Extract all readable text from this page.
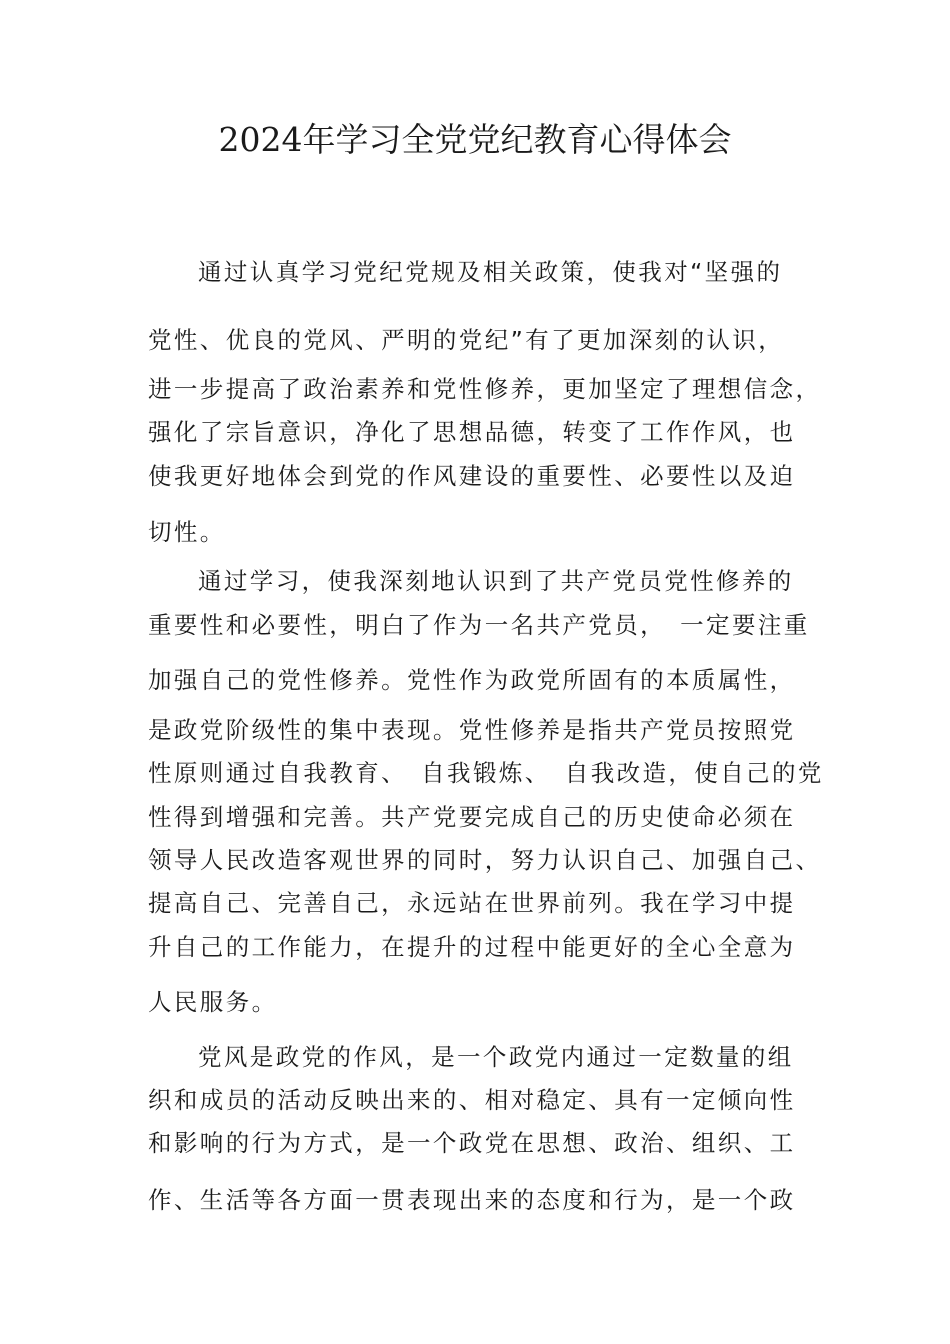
2024年学习全党党纪教育心得体会

通过认真学习党纪党规及相关政策，使我对“坚强的

党性、优良的党风、严明的党纪”有了更加深刻的认识，

进一步提高了政治素养和党性修养，更加坚定了理想信念，

强化了宗旨意识，净化了思想品德，转变了工作作风，也

使我更好地体会到党的作风建设的重要性、必要性以及迫

切性。

通过学习，使我深刻地认识到了共产党员党性修养的

重要性和必要性，明白了作为一名共产党员，　一定要注重

加强自己的党性修养。党性作为政党所固有的本质属性，

是政党阶级性的集中表现。党性修养是指共产党员按照党

性原则通过自我教育、　自我锻炼、　自我改造，使自己的党

性得到增强和完善。共产党要完成自己的历史使命必须在

领导人民改造客观世界的同时，努力认识自己、加强自己、

提高自己、完善自己，永远站在世界前列。我在学习中提

升自己的工作能力，在提升的过程中能更好的全心全意为

人民服务。

党风是政党的作风，是一个政党内通过一定数量的组

织和成员的活动反映出来的、相对稳定、具有一定倾向性

和影响的行为方式，是一个政党在思想、政治、组织、工

作、生活等各方面一贯表现出来的态度和行为，是一个政
